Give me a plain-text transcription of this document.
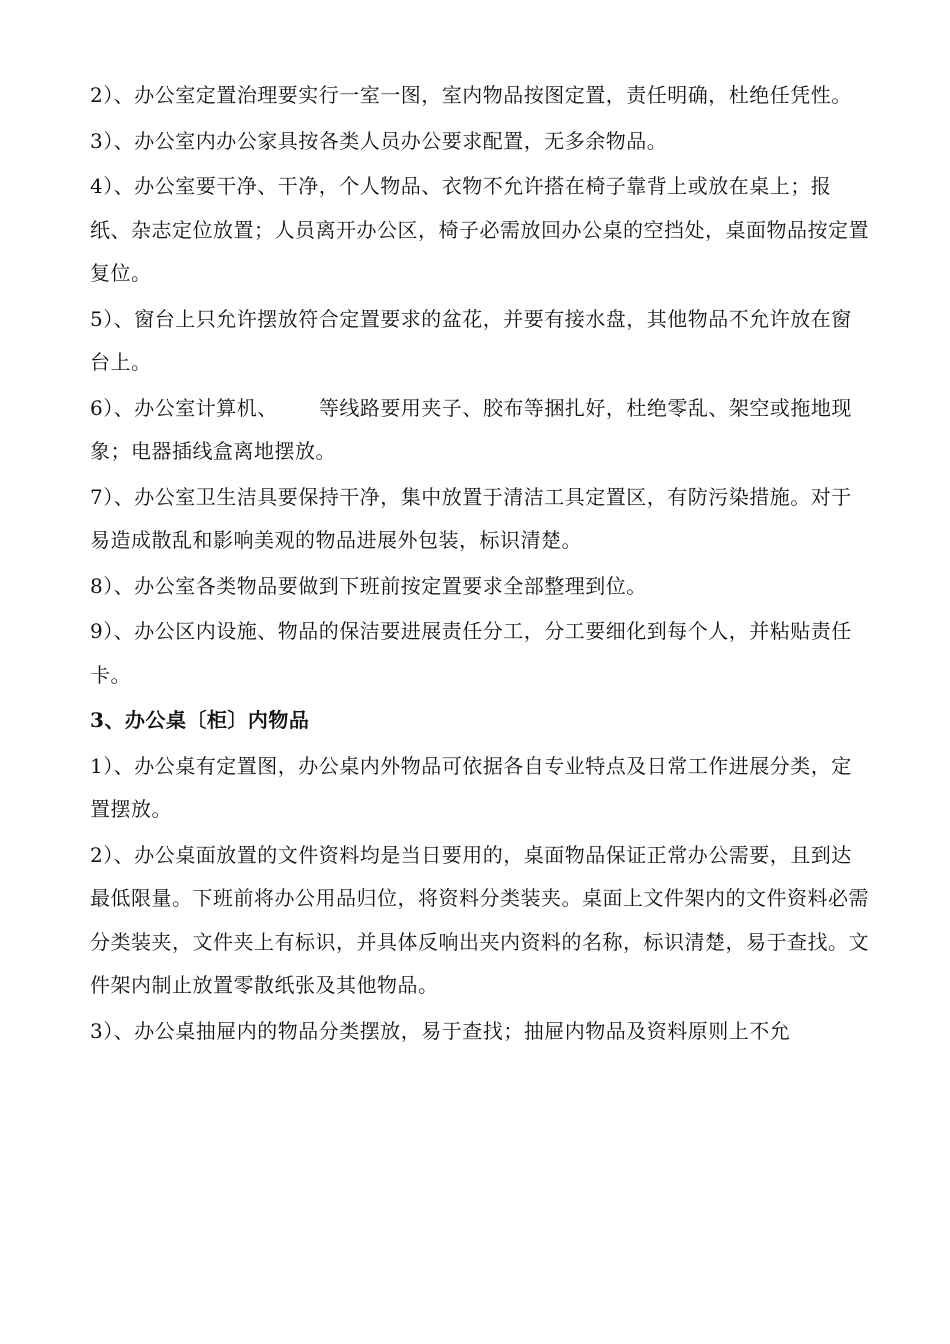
2）、办公室定置治理要实行一室一图，室内物品按图定置，责任明确，杜绝任凭性。

3）、办公室内办公家具按各类人员办公要求配置，无多余物品。

4）、办公室要干净、干净，个人物品、衣物不允许搭在椅子靠背上或放在桌上；报纸、杂志定位放置；人员离开办公区，椅子必需放回办公桌的空挡处，桌面物品按定置复位。

5）、窗台上只允许摆放符合定置要求的盆花，并要有接水盘，其他物品不允许放在窗台上。

6）、办公室计算机、      等线路要用夹子、胶布等捆扎好，杜绝零乱、架空或拖地现象；电器插线盒离地摆放。

7）、办公室卫生洁具要保持干净，集中放置于清洁工具定置区，有防污染措施。对于易造成散乱和影响美观的物品进展外包装，标识清楚。

8）、办公室各类物品要做到下班前按定置要求全部整理到位。

9）、办公区内设施、物品的保洁要进展责任分工，分工要细化到每个人，并粘贴责任卡。

3、办公桌〔柜〕内物品

1）、办公桌有定置图，办公桌内外物品可依据各自专业特点及日常工作进展分类，定置摆放。

2）、办公桌面放置的文件资料均是当日要用的，桌面物品保证正常办公需要，且到达最低限量。下班前将办公用品归位，将资料分类装夹。桌面上文件架内的文件资料必需分类装夹，文件夹上有标识，并具体反响出夹内资料的名称，标识清楚，易于查找。文件架内制止放置零散纸张及其他物品。

3）、办公桌抽屉内的物品分类摆放，易于查找；抽屉内物品及资料原则上不允
